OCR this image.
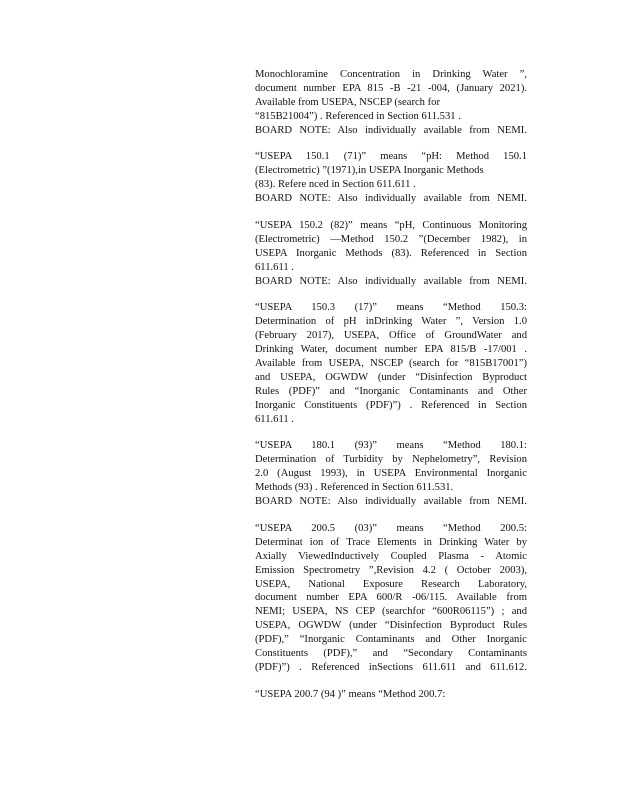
Monochloramine Concentration in Drinking Water ”,
document number EPA 815 -B -21 -004, (January 2021).
Available from USEPA, NSCEP (search for
“815B21004”) . Referenced in Section 611.531 .
BOARD NOTE: Also individually available from NEMI.
“USEPA 150.1 (71)” means “pH: Method 150.1
(Electrometric) ”(1971),in USEPA Inorganic Methods
(83). Refere nced in Section 611.611 .
BOARD NOTE: Also individually available from NEMI.
“USEPA 150.2 (82)” means “pH, Continuous Monitoring
(Electrometric) —Method 150.2 ”(December 1982), in
USEPA Inorganic Methods (83). Referenced in Section
611.611 .
BOARD NOTE: Also individually available from NEMI.
“USEPA 150.3 (17)” means “Method 150.3:
Determination of pH inDrinking Water ”, Version 1.0
(February 2017), USEPA, Office of GroundWater and
Drinking Water, document number EPA 815/B -17/001 .
Available from USEPA, NSCEP (search for “815B17001”)
and USEPA, OGWDW (under “Disinfection Byproduct
Rules (PDF)” and “Inorganic Contaminants and Other
Inorganic Constituents (PDF)”) . Referenced in Section
611.611 .
“USEPA 180.1 (93)” means “Method 180.1:
Determination of Turbidity by Nephelometry”, Revision
2.0 (August 1993), in USEPA Environmental Inorganic
Methods (93) . Referenced in Section 611.531.
BOARD NOTE: Also individually available from NEMI.
“USEPA 200.5 (03)” means “Method 200.5:
Determinat ion of Trace Elements in Drinking Water by
Axially ViewedInductively Coupled Plasma - Atomic
Emission Spectrometry ”,Revision 4.2 ( October 2003),
USEPA, National Exposure Research Laboratory,
document number EPA 600/R -06/115. Available from
NEMI; USEPA, NS CEP (searchfor “600R06115”) ; and
USEPA, OGWDW (under “Disinfection Byproduct Rules
(PDF),” “Inorganic Contaminants and Other Inorganic
Constituents (PDF),” and “Secondary Contaminants
(PDF)”) . Referenced inSections 611.611 and 611.612.
“USEPA 200.7 (94 )” means “Method 200.7:
